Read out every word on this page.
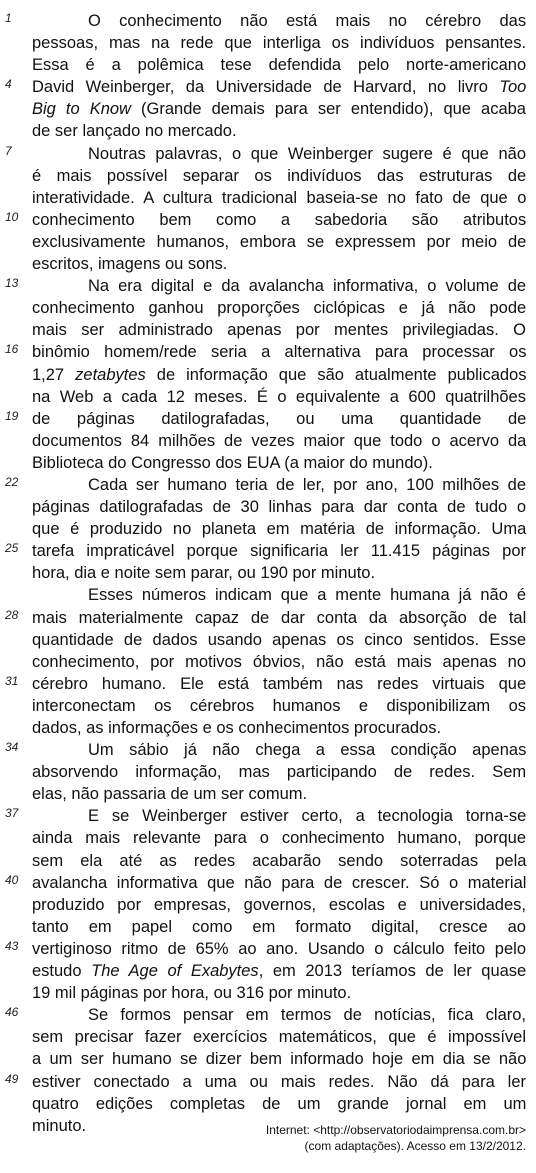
1	O conhecimento não está mais no cérebro das
pessoas, mas na rede que interliga os indivíduos pensantes.
Essa é a polêmica tese defendida pelo norte-americano
4	David Weinberger, da Universidade de Harvard, no livro Too
Big to Know (Grande demais para ser entendido), que acaba
de ser lançado no mercado.
7	Noutras palavras, o que Weinberger sugere é que não
é mais possível separar os indivíduos das estruturas de
interatividade. A cultura tradicional baseia-se no fato de que o
10 conhecimento bem como a sabedoria são atributos
exclusivamente humanos, embora se expressem por meio de
escritos, imagens ou sons.
13	Na era digital e da avalancha informativa, o volume de
conhecimento ganhou proporções ciclópicas e já não pode
mais ser administrado apenas por mentes privilegiadas. O
16 binômio homem/rede seria a alternativa para processar os
1,27 zetabytes de informação que são atualmente publicados
na Web a cada 12 meses. É o equivalente a 600 quatrilhões
19 de páginas datilografadas, ou uma quantidade de
documentos 84 milhões de vezes maior que todo o acervo da
Biblioteca do Congresso dos EUA (a maior do mundo).
22	Cada ser humano teria de ler, por ano, 100 milhões de
páginas datilografadas de 30 linhas para dar conta de tudo o
que é produzido no planeta em matéria de informação. Uma
25 tarefa impraticável porque significaria ler 11.415 páginas por
hora, dia e noite sem parar, ou 190 por minuto.
Esses números indicam que a mente humana já não é
28 mais materialmente capaz de dar conta da absorção de tal
quantidade de dados usando apenas os cinco sentidos. Esse
conhecimento, por motivos óbvios, não está mais apenas no
31 cérebro humano. Ele está também nas redes virtuais que
interconectam os cérebros humanos e disponibilizam os
dados, as informações e os conhecimentos procurados.
34	Um sábio já não chega a essa condição apenas
absorvendo informação, mas participando de redes. Sem
elas, não passaria de um ser comum.
37	E se Weinberger estiver certo, a tecnologia torna-se
ainda mais relevante para o conhecimento humano, porque
sem ela até as redes acabarão sendo soterradas pela
40 avalancha informativa que não para de crescer. Só o material
produzido por empresas, governos, escolas e universidades,
tanto em papel como em formato digital, cresce ao
43 vertiginoso ritmo de 65% ao ano. Usando o cálculo feito pelo
estudo The Age of Exabytes, em 2013 teríamos de ler quase
19 mil páginas por hora, ou 316 por minuto.
46	Se formos pensar em termos de notícias, fica claro,
sem precisar fazer exercícios matemáticos, que é impossível
a um ser humano se dizer bem informado hoje em dia se não
49 estiver conectado a uma ou mais redes. Não dá para ler
quatro edições completas de um grande jornal em um
minuto.	Internet: <http://observatoriodaimprensa.com.br>
(com adaptações). Acesso em 13/2/2012.
